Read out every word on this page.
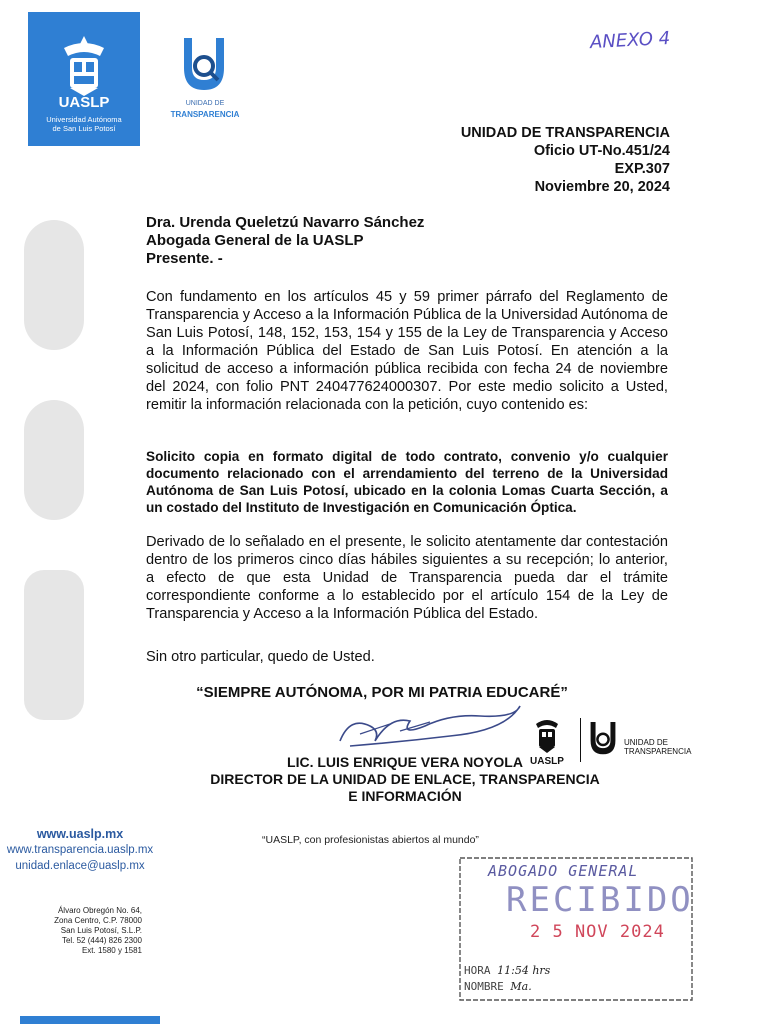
UASLP
Universidad Autónoma
de San Luis Potosí
UNIDAD DE
TRANSPARENCIA
ANEXO 4
UNIDAD DE TRANSPARENCIA
Oficio UT-No.451/24
EXP.307
Noviembre 20, 2024
Dra. Urenda Queletzú Navarro Sánchez
Abogada General de la UASLP
Presente. -
Con fundamento en los artículos 45 y 59 primer párrafo del Reglamento de Transparencia y Acceso a la Información Pública de la Universidad Autónoma de San Luis Potosí, 148, 152, 153, 154 y 155 de la Ley de Transparencia y Acceso a la Información Pública del Estado de San Luis Potosí. En atención a la solicitud de acceso a información pública recibida con fecha 24 de noviembre del 2024, con folio PNT 240477624000307. Por este medio solicito a Usted, remitir la información relacionada con la petición, cuyo contenido es:
Solicito copia en formato digital de todo contrato, convenio y/o cualquier documento relacionado con el arrendamiento del terreno de la Universidad Autónoma de San Luis Potosí, ubicado en la colonia Lomas Cuarta Sección, a un costado del Instituto de Investigación en Comunicación Óptica.
Derivado de lo señalado en el presente, le solicito atentamente dar contestación dentro de los primeros cinco días hábiles siguientes a su recepción; lo anterior, a efecto de que esta Unidad de Transparencia pueda dar el trámite correspondiente conforme a lo establecido por el artículo 154 de la Ley de Transparencia y Acceso a la Información Pública del Estado.
Sin otro particular, quedo de Usted.
“SIEMPRE AUTÓNOMA, POR MI PATRIA EDUCARÉ”
UASLP
UNIDAD DE
TRANSPARENCIA
LIC. LUIS ENRIQUE VERA NOYOLA
DIRECTOR DE LA UNIDAD DE ENLACE, TRANSPARENCIA
E INFORMACIÓN
www.uaslp.mx
www.transparencia.uaslp.mx
unidad.enlace@uaslp.mx
Álvaro Obregón No. 64,
Zona Centro, C.P. 78000
San Luis Potosí, S.L.P.
Tel. 52 (444) 826 2300
Ext. 1580 y 1581
“UASLP, con profesionistas abiertos al mundo”
ABOGADO GENERAL
RECIBIDO
2 5 NOV 2024
HORA 11:54 hrs
NOMBRE Ma.
